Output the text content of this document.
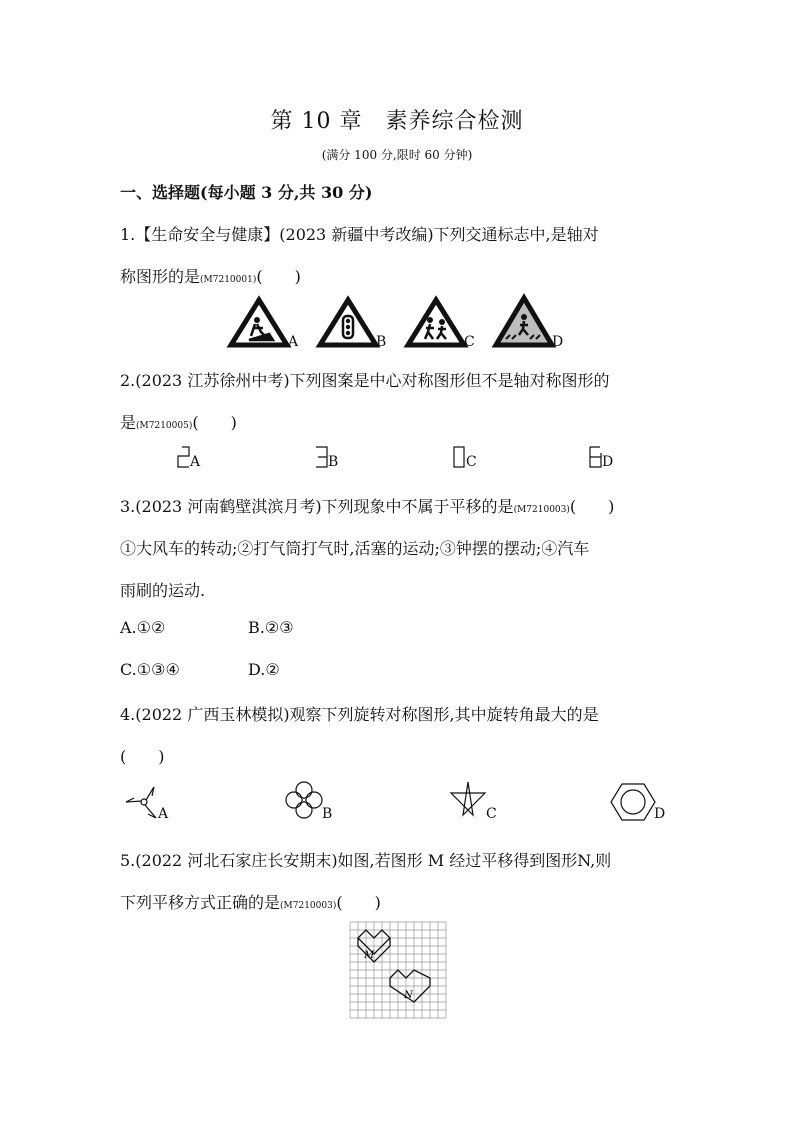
第 10 章　素养综合检测
(满分 100 分,限时 60 分钟)
一、选择题(每小题 3 分,共 30 分)
1.【生命安全与健康】(2023 新疆中考改编)下列交通标志中,是轴对
称图形的是(M7210001)(　　)
A	B	C	D
2.(2023 江苏徐州中考)下列图案是中心对称图形但不是轴对称图形的
是(M7210005)(　　)
A	B	C	D
3.(2023 河南鹤壁淇滨月考)下列现象中不属于平移的是(M7210003)(　　)
①大风车的转动;②打气筒打气时,活塞的运动;③钟摆的摆动;④汽车
雨刷的运动.
A.①②	B.②③
C.①③④	D.②
4.(2022 广西玉林模拟)观察下列旋转对称图形,其中旋转角最大的是
(　　)
A	B	C	D
5.(2022 河北石家庄长安期末)如图,若图形 M 经过平移得到图形N,则
下列平移方式正确的是(M7210003)(　　)
M
N
